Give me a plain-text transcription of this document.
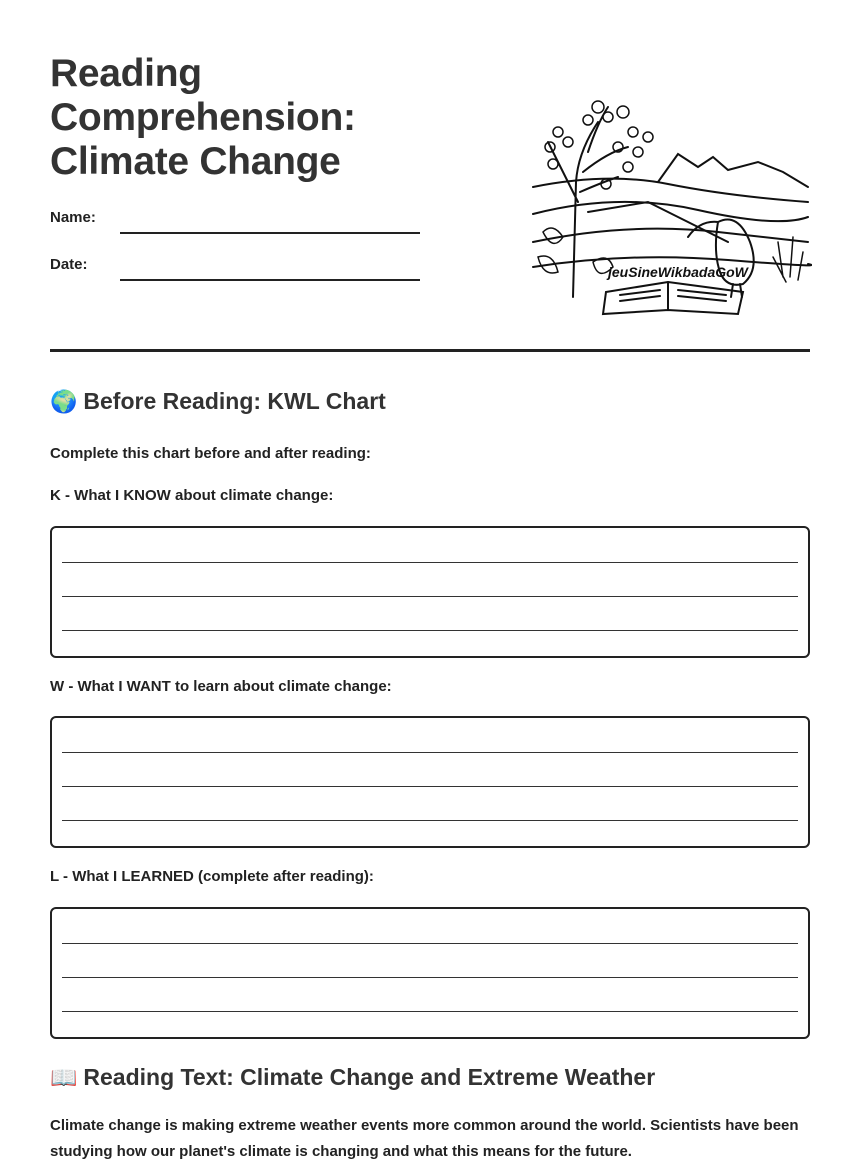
Reading
Comprehension:
Climate Change
Name:
Date:	jeuSineWikbadaGoW
🌍 Before Reading: KWL Chart
Complete this chart before and after reading:
K - What I KNOW about climate change:
W - What I WANT to learn about climate change:
L - What I LEARNED (complete after reading):
📖 Reading Text: Climate Change and Extreme Weather

Climate change is making extreme weather events more common around the world. Scientists have been studying how our planet's climate is changing and what this means for the future.
